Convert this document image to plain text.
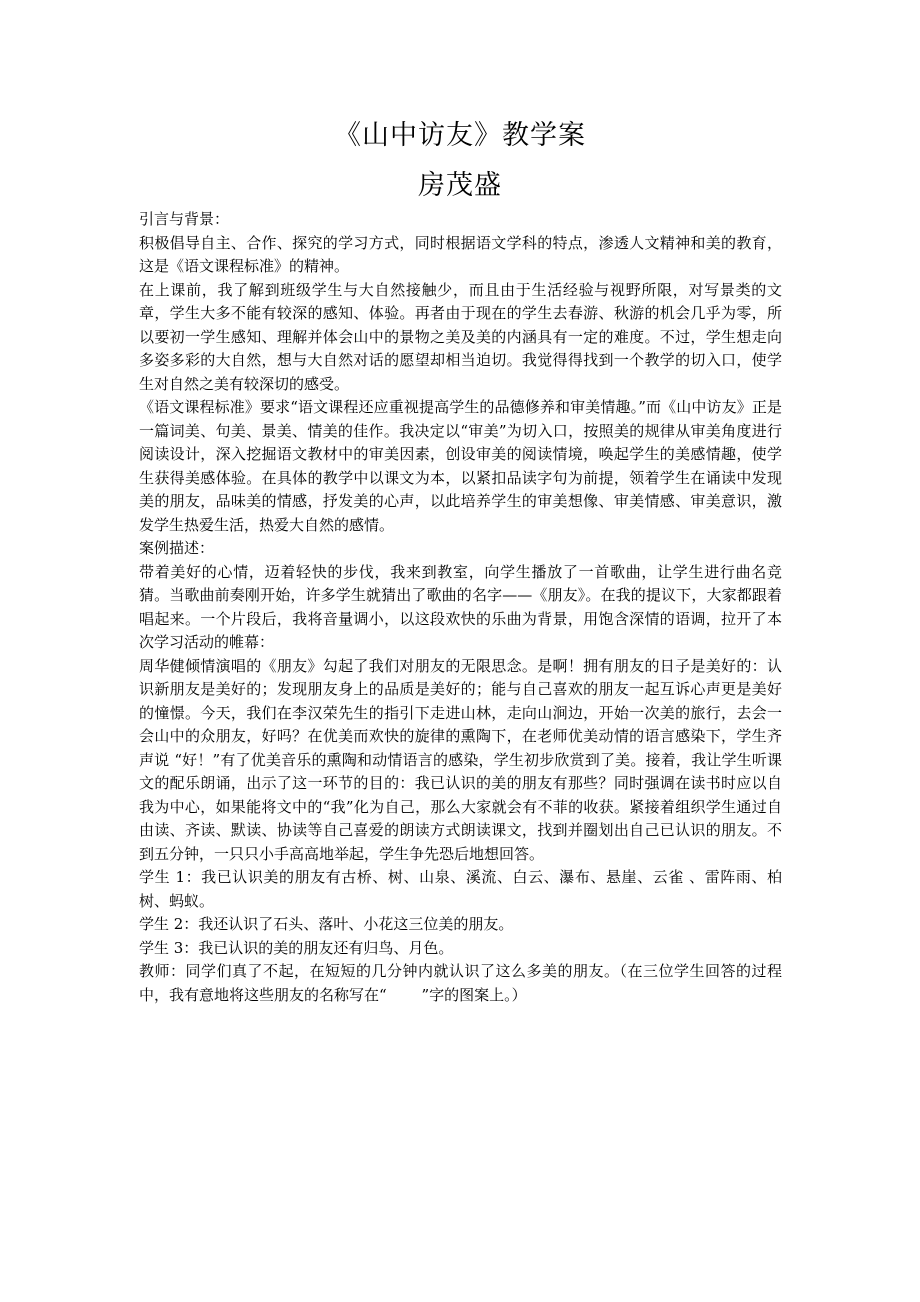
《山中访友》教学案
房茂盛

引言与背景：

积极倡导自主、合作、探究的学习方式，同时根据语文学科的特点，渗透人文精神和美的教育，这是《语文课程标准》的精神。

在上课前，我了解到班级学生与大自然接触少，而且由于生活经验与视野所限，对写景类的文章，学生大多不能有较深的感知、体验。再者由于现在的学生去春游、秋游的机会几乎为零，所以要初一学生感知、理解并体会山中的景物之美及美的内涵具有一定的难度。不过，学生想走向多姿多彩的大自然，想与大自然对话的愿望却相当迫切。我觉得得找到一个教学的切入口，使学生对自然之美有较深切的感受。

《语文课程标准》要求“语文课程还应重视提高学生的品德修养和审美情趣。”而《山中访友》正是一篇词美、句美、景美、情美的佳作。我决定以“审美”为切入口，按照美的规律从审美角度进行阅读设计，深入挖掘语文教材中的审美因素，创设审美的阅读情境，唤起学生的美感情趣，使学生获得美感体验。在具体的教学中以课文为本，以紧扣品读字句为前提，领着学生在诵读中发现美的朋友，品味美的情感，抒发美的心声，以此培养学生的审美想像、审美情感、审美意识，激发学生热爱生活，热爱大自然的感情。

案例描述：

带着美好的心情，迈着轻快的步伐，我来到教室，向学生播放了一首歌曲，让学生进行曲名竞猜。当歌曲前奏刚开始，许多学生就猜出了歌曲的名字——《朋友》。在我的提议下，大家都跟着唱起来。一个片段后，我将音量调小，以这段欢快的乐曲为背景，用饱含深情的语调，拉开了本次学习活动的帷幕：

周华健倾情演唱的《朋友》勾起了我们对朋友的无限思念。是啊！拥有朋友的日子是美好的：认识新朋友是美好的；发现朋友身上的品质是美好的；能与自己喜欢的朋友一起互诉心声更是美好的憧憬。今天，我们在李汉荣先生的指引下走进山林，走向山涧边，开始一次美的旅行，去会一会山中的众朋友，好吗？在优美而欢快的旋律的熏陶下，在老师优美动情的语言感染下，学生齐声说 “好！”有了优美音乐的熏陶和动情语言的感染，学生初步欣赏到了美。接着，我让学生听课文的配乐朗诵，出示了这一环节的目的：我已认识的美的朋友有那些？同时强调在读书时应以自我为中心，如果能将文中的“我”化为自己，那么大家就会有不菲的收获。紧接着组织学生通过自由读、齐读、默读、协读等自己喜爱的朗读方式朗读课文，找到并圈划出自己已认识的朋友。不到五分钟，一只只小手高高地举起，学生争先恐后地想回答。

学生 1：我已认识美的朋友有古桥、树、山泉、溪流、白云、瀑布、悬崖、云雀 、雷阵雨、柏树、蚂蚁。

学生 2：我还认识了石头、落叶、小花这三位美的朋友。

学生 3：我已认识的美的朋友还有归鸟、月色。

教师：同学们真了不起，在短短的几分钟内就认识了这么多美的朋友。（在三位学生回答的过程中，我有意地将这些朋友的名称写在“　　 ”字的图案上。）
